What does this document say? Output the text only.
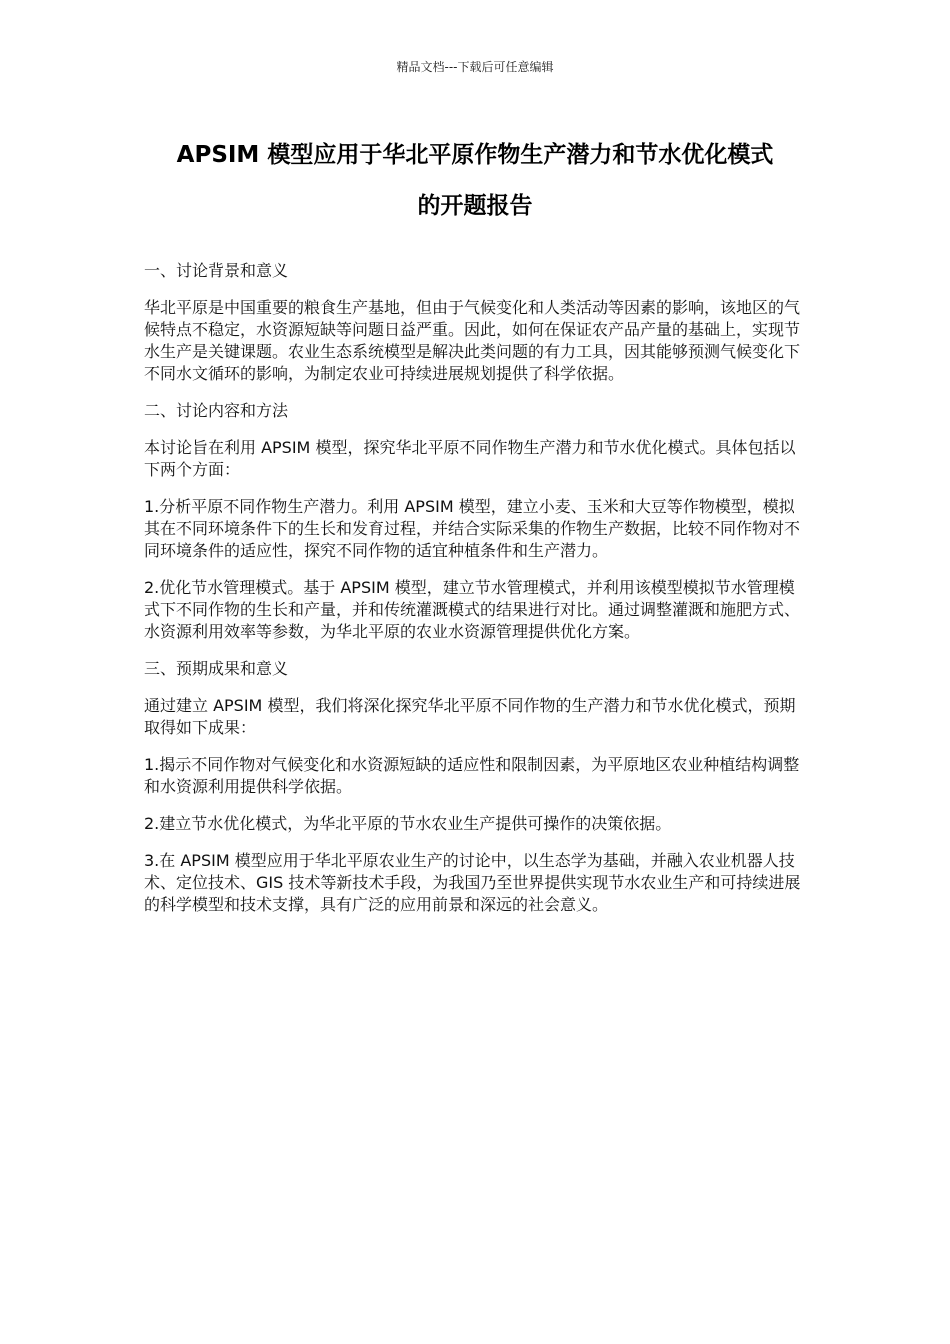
精品文档---下载后可任意编辑
APSIM 模型应用于华北平原作物生产潜力和节水优化模式
的开题报告

一、讨论背景和意义

华北平原是中国重要的粮食生产基地，但由于气候变化和人类活动等因素的影响，该地区的气候特点不稳定，水资源短缺等问题日益严重。因此，如何在保证农产品产量的基础上，实现节水生产是关键课题。农业生态系统模型是解决此类问题的有力工具，因其能够预测气候变化下不同水文循环的影响，为制定农业可持续进展规划提供了科学依据。

二、讨论内容和方法

本讨论旨在利用 APSIM 模型，探究华北平原不同作物生产潜力和节水优化模式。具体包括以下两个方面：

1.分析平原不同作物生产潜力。利用 APSIM 模型，建立小麦、玉米和大豆等作物模型，模拟其在不同环境条件下的生长和发育过程，并结合实际采集的作物生产数据，比较不同作物对不同环境条件的适应性，探究不同作物的适宜种植条件和生产潜力。

2.优化节水管理模式。基于 APSIM 模型，建立节水管理模式，并利用该模型模拟节水管理模式下不同作物的生长和产量，并和传统灌溉模式的结果进行对比。通过调整灌溉和施肥方式、水资源利用效率等参数，为华北平原的农业水资源管理提供优化方案。

三、预期成果和意义

通过建立 APSIM 模型，我们将深化探究华北平原不同作物的生产潜力和节水优化模式，预期取得如下成果：

1.揭示不同作物对气候变化和水资源短缺的适应性和限制因素，为平原地区农业种植结构调整和水资源利用提供科学依据。

2.建立节水优化模式，为华北平原的节水农业生产提供可操作的决策依据。

3.在 APSIM 模型应用于华北平原农业生产的讨论中，以生态学为基础，并融入农业机器人技术、定位技术、GIS 技术等新技术手段，为我国乃至世界提供实现节水农业生产和可持续进展的科学模型和技术支撑，具有广泛的应用前景和深远的社会意义。
